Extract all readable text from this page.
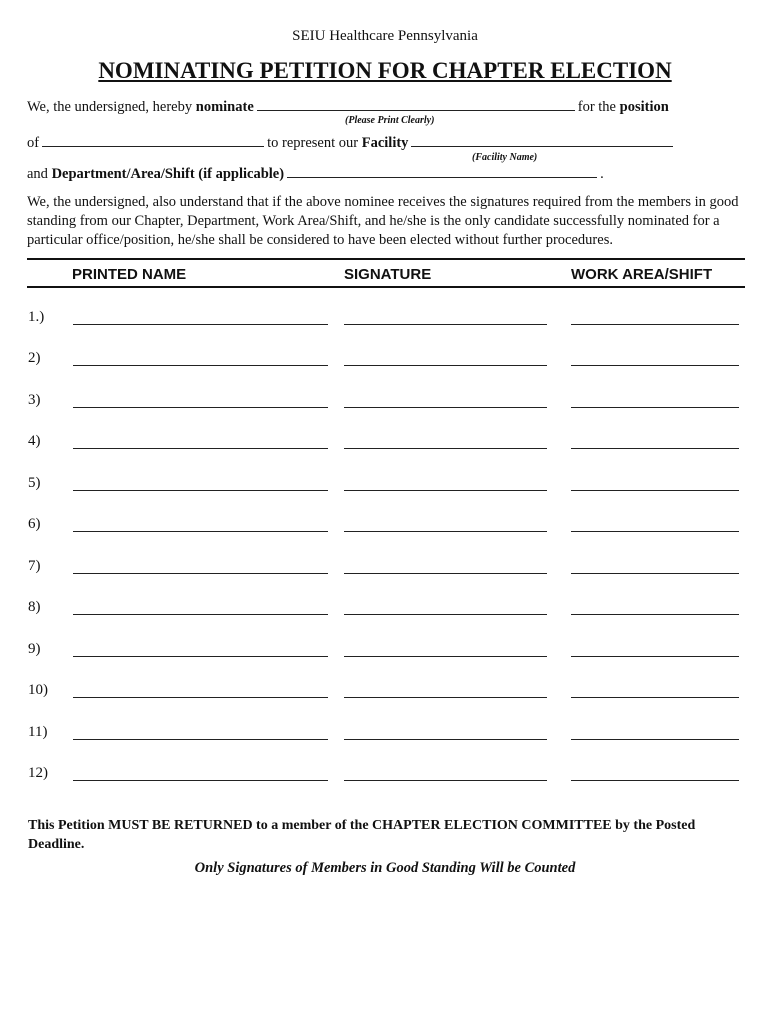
SEIU Healthcare Pennsylvania
NOMINATING PETITION FOR CHAPTER ELECTION
We, the undersigned, hereby nominate	for the position
(Please Print Clearly)
of	to represent our Facility
(Facility Name)
and Department/Area/Shift (if applicable)	.
We, the undersigned, also understand that if the above nominee receives the signatures required from the members in good standing from our Chapter, Department, Work Area/Shift, and he/she is the only candidate successfully nominated for a particular office/position, he/she shall be considered to have been elected without further procedures.
PRINTED NAME	SIGNATURE	WORK AREA/SHIFT
1.)
2)
3)
4)
5)
6)
7)
8)
9)
10)
11)
12)
This Petition MUST BE RETURNED to a member of the CHAPTER ELECTION COMMITTEE by the Posted Deadline.
Only Signatures of Members in Good Standing Will be Counted
